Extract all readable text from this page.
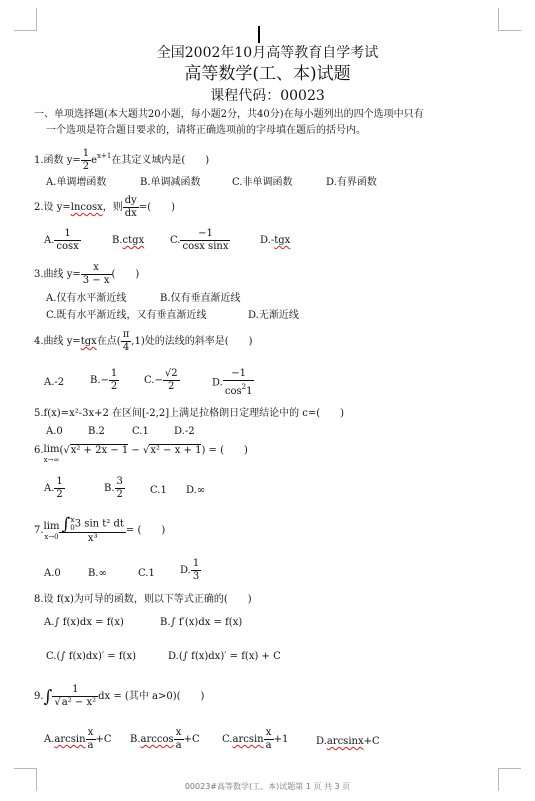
全国2002年10月高等教育自学考试
高等数学(工、本)试题
课程代码：00023
一、单项选择题(本大题共20小题，每小题2分，共40分)在每小题列出的四个选项中只有
一个选项是符合题目要求的，请将正确选项前的字母填在题后的括号内。
1.函数 $y= \frac{1}{2} e^{x+1}$在其定义域内是(　　)
A.单调增函数	B.单调减函数	C.非单调函数	D.有界函数
2.设 y=lncosx，则 $\frac{dy}{dx}$ =(　　)
A. $\frac{1}{\cos x}$	B.ctgx	C. $\frac{-1}{\text{cosx sinx}}$	D.-tgx
3.曲线 $y= \frac{x}{3 - x}$ (　　)
A.仅有水平渐近线	B.仅有垂直渐近线
C.既有水平渐近线，又有垂直渐近线	D.无渐近线
4.曲线 y=tgx在点( $\frac{\pi}{4} ,1$)处的法线的斜率是(　　)
A.-2	$B.- \frac{1}{2} C.- \frac{√2}{2}$	D. $\frac{-1}{\cos^21}$
5.f(x)=x²-3x+2 在区间[-2,2]上满足拉格朗日定理结论中的 c=(　　)
A.0	B.2	C.1	D.-2
6. lim
x→∞
(√x² + 2x − 1 − √x² − x + 1) = (　　)
A. $\frac{1}{2}$	B. $\frac{3}{2}$	C.1 D.∞
7. lim
x→0 ∫ x
0 3 sin t² dt
x³ = (　　)
A.0	B.∞	C.1	D. $\frac{1}{3}$
8.设 f(x)为可导的函数，则以下等式正确的(　　)
A.∫ f(x)dx = f(x)	B.∫ f′(x)dx = f(x)
C.(∫ f(x)dx)′ = f(x)	D.(∫ f(x)dx)′ = f(x) + C
$9.\int \frac{1}{\text{√a² − x²}}$ dx = (其中 a>0)(　　)
$A.\arcsin \frac{x}{a} +C$ $B.\arccos \frac{x}{a} +C$ $C.\arcsin \frac{x}{a} +1$	D.arcsinx+C
00023#高等数学(工、本)试题第 1 页 共 3 页
